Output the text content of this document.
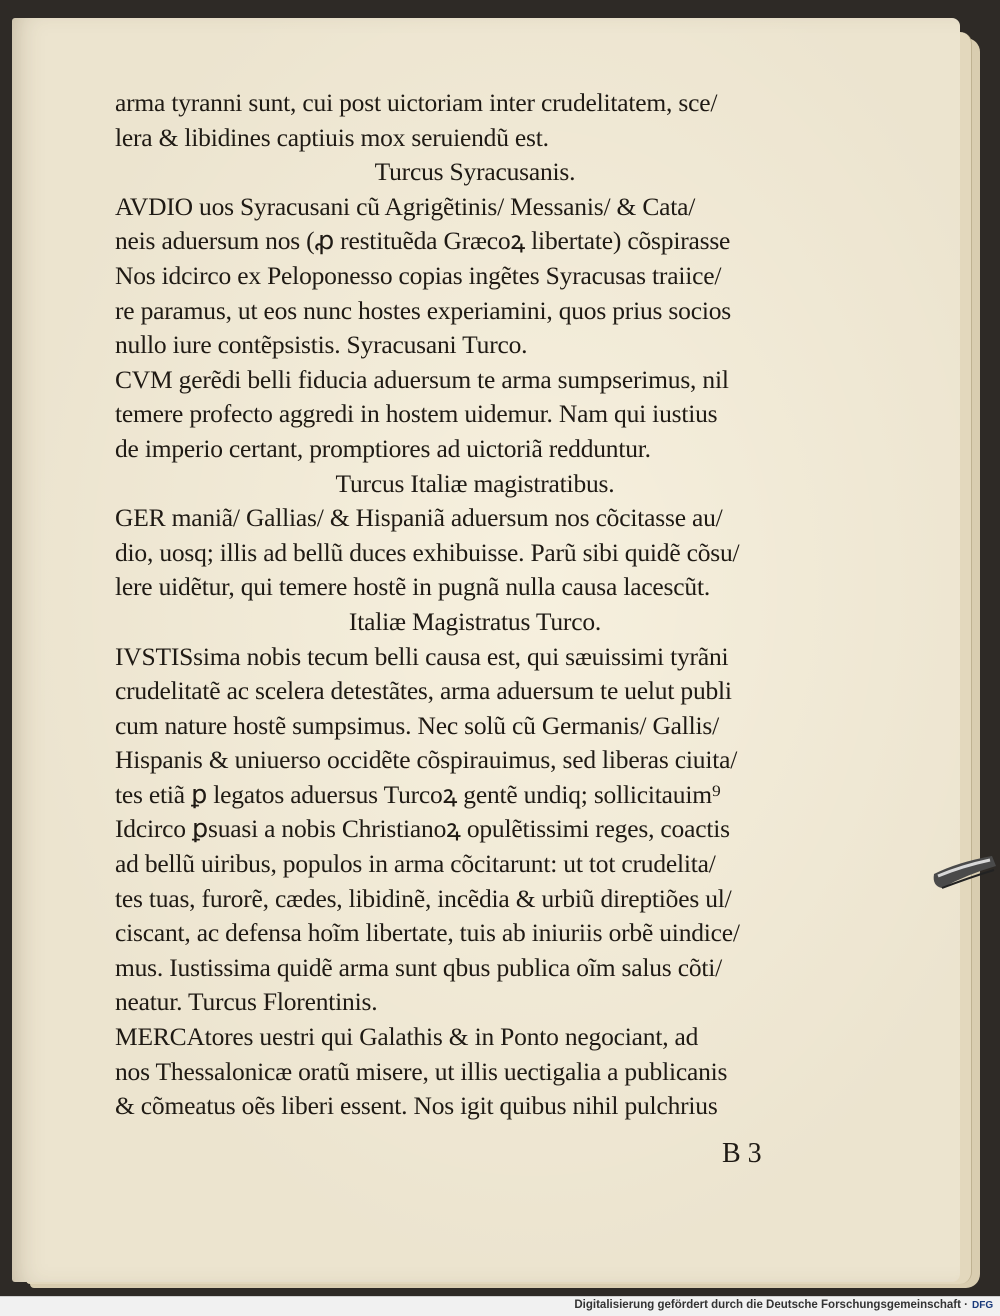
arma tyranni sunt, cui post uictoriam inter crudelitatem, sce/
lera & libidines captiuis mox seruiendũ est.
Turcus Syracusanis.
AVDIO uos Syracusani cũ Agrigẽtinis/ Messanis/ & Cata/
neis aduersum nos (ꝓ restituẽda Græcoꝝ libertate) cõspirasse
Nos idcirco ex Peloponesso copias ingẽtes Syracusas traiice/
re paramus, ut eos nunc hostes experiamini, quos prius socios
nullo iure contẽpsistis. Syracusani Turco.
CVM gerẽdi belli fiducia aduersum te arma sumpserimus, nil
temere profecto aggredi in hostem uidemur. Nam qui iustius
de imperio certant, promptiores ad uictoriã redduntur.
Turcus Italiæ magistratibus.
GER maniã/ Gallias/ & Hispaniã aduersum nos cõcitasse au/
dio, uosq; illis ad bellũ duces exhibuisse. Parũ sibi quidẽ cõsu/
lere uidẽtur, qui temere hostẽ in pugnã nulla causa lacescũt.
Italiæ Magistratus Turco.
IVSTISsima nobis tecum belli causa est, qui sæuissimi tyrãni
crudelitatẽ ac scelera detestãtes, arma aduersum te uelut publi
cum nature hostẽ sumpsimus. Nec solũ cũ Germanis/ Gallis/
Hispanis & uniuerso occidẽte cõspirauimus, sed liberas ciuita/
tes etiã ꝑ legatos aduersus Turcoꝝ gentẽ undiq; sollicitauim⁹
Idcirco ꝑsuasi a nobis Christianoꝝ opulẽtissimi reges, coactis
ad bellũ uiribus, populos in arma cõcitarunt: ut tot crudelita/
tes tuas, furorẽ, cædes, libidinẽ, incẽdia & urbiũ direptiões ul/
ciscant, ac defensa hoĩm libertate, tuis ab iniuriis orbẽ uindice/
mus. Iustissima quidẽ arma sunt qbus publica oĩm salus cõti/
neatur. Turcus Florentinis.
MERCAtores uestri qui Galathis & in Ponto negociant, ad
nos Thessalonicæ oratũ misere, ut illis uectigalia a publicanis
& cõmeatus oẽs liberi essent. Nos igit quibus nihil pulchrius
B 3
Digitalisierung gefördert durch die Deutsche Forschungsgemeinschaft · DFG
